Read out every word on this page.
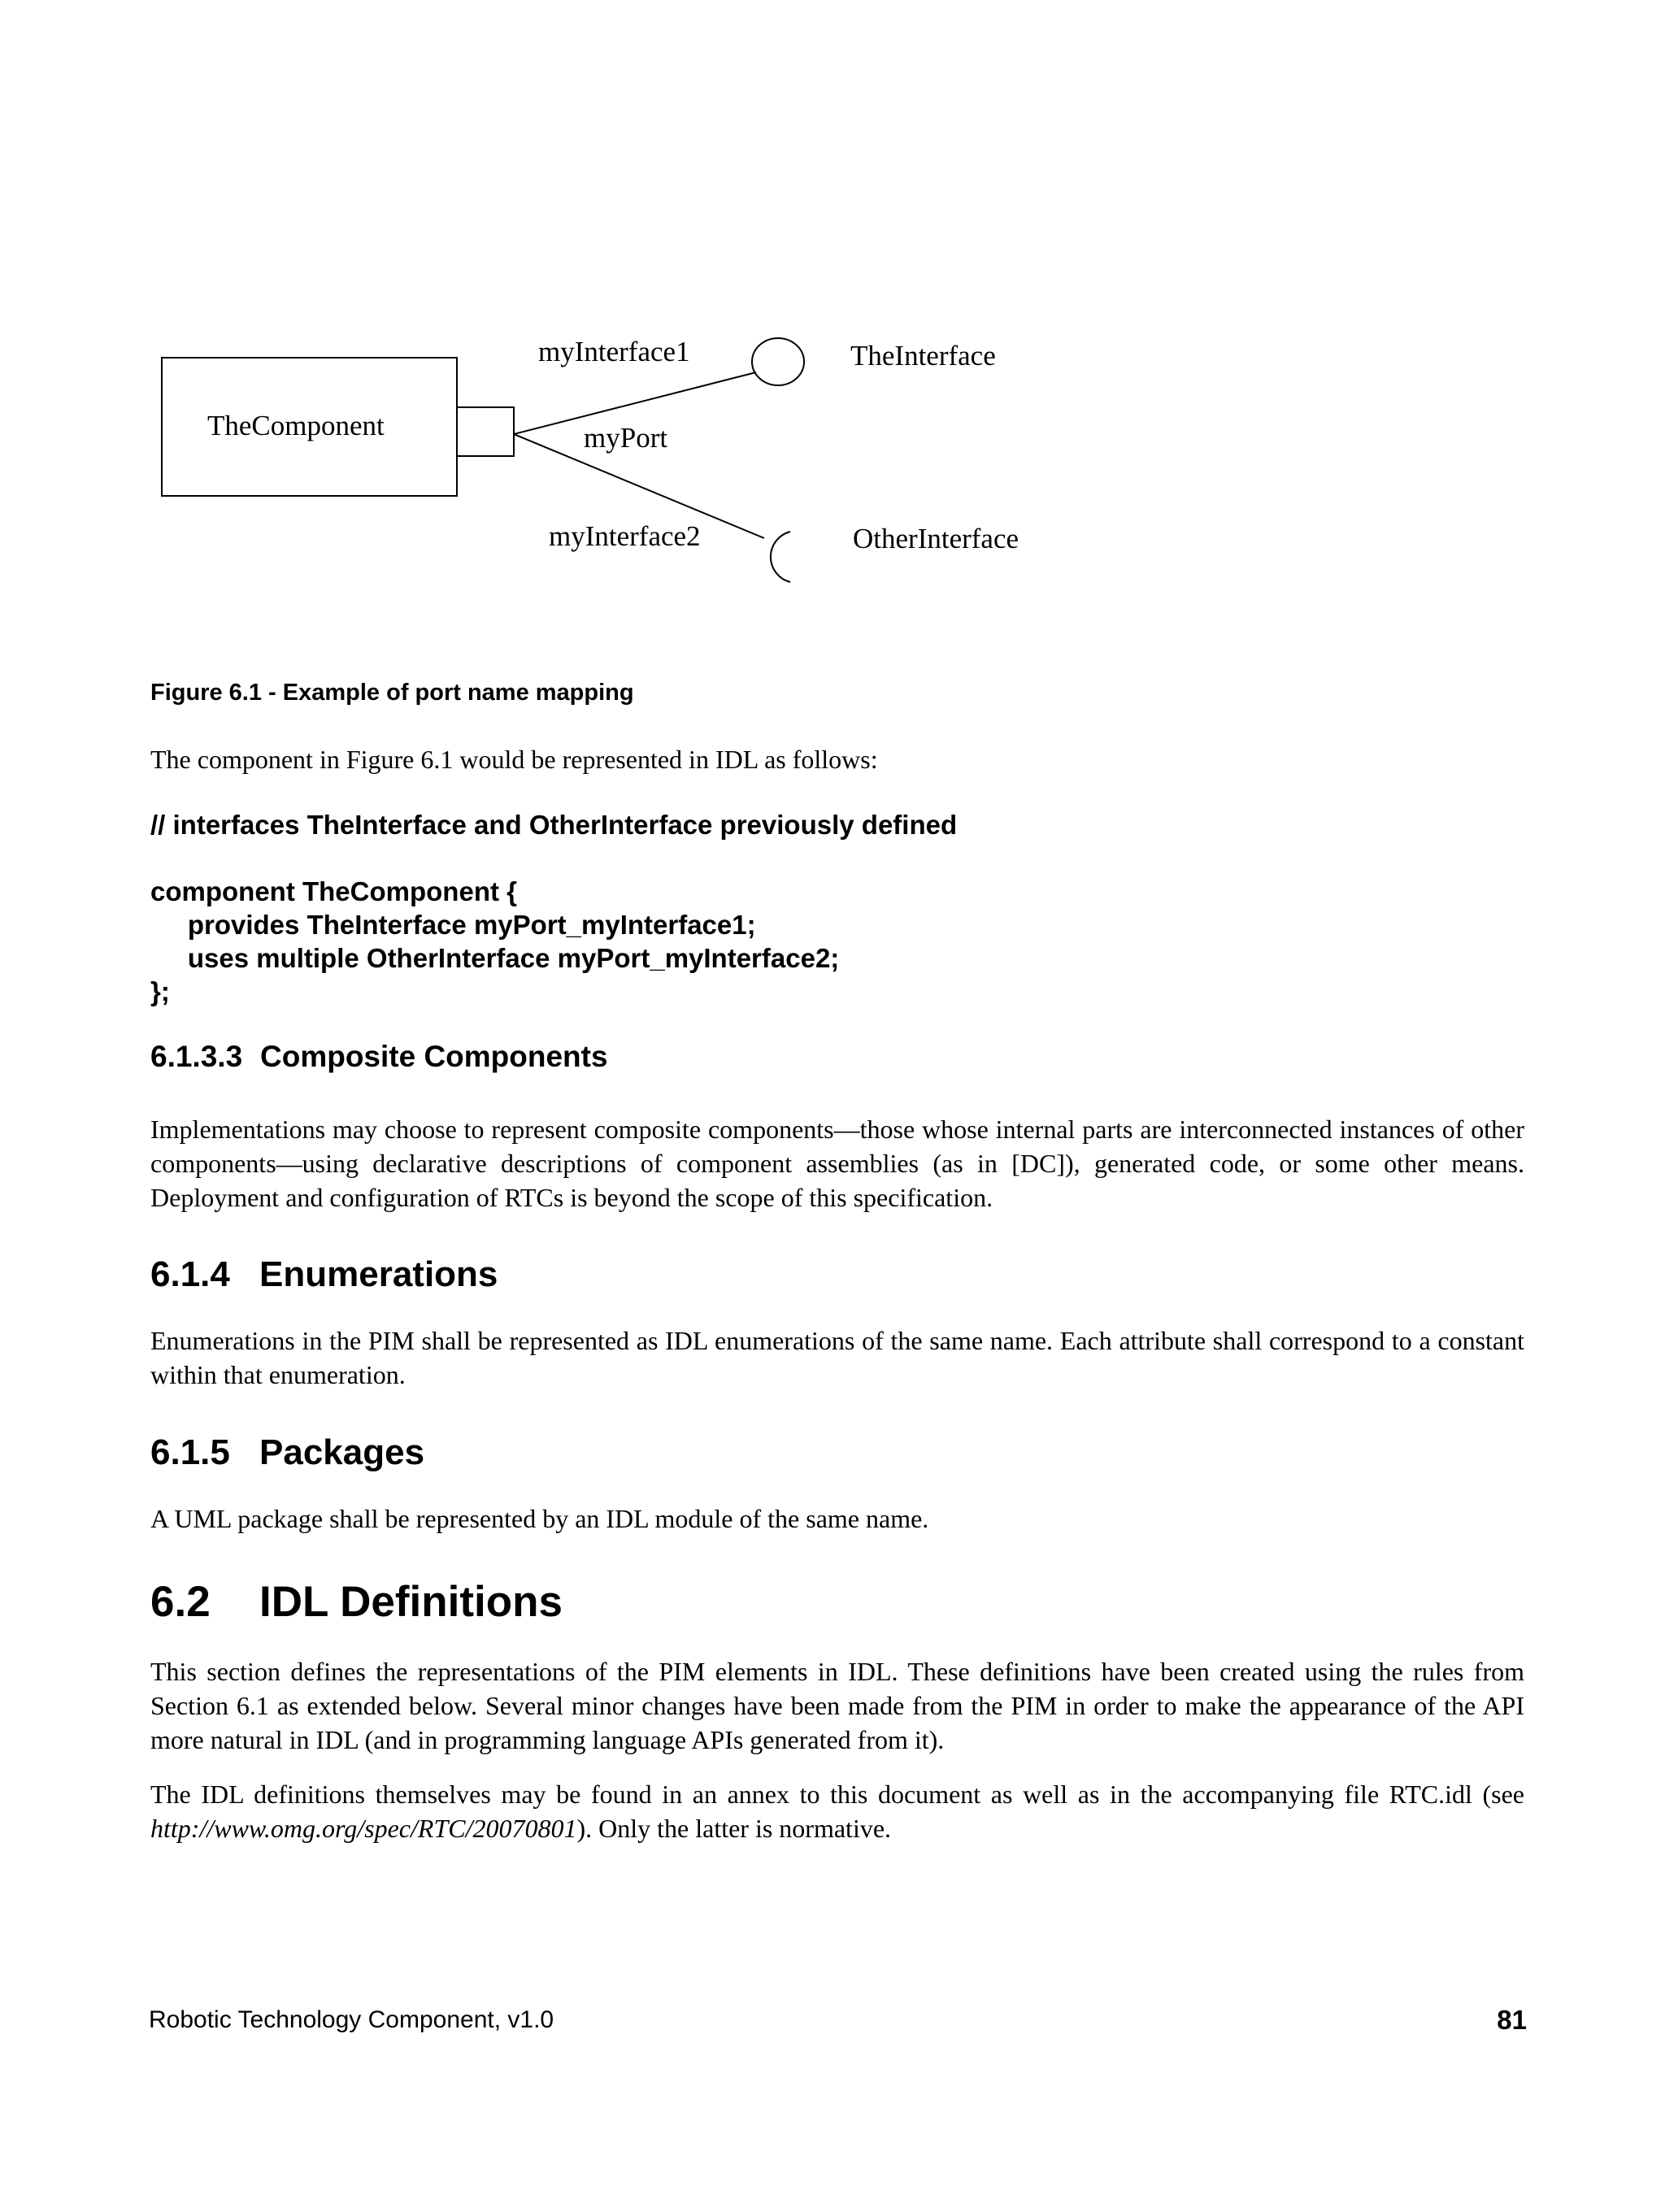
TheComponent
myInterface1
myPort
myInterface2
TheInterface
OtherInterface
Figure 6.1 - Example of port name mapping

The component in Figure 6.1 would be represented in IDL as follows:

// interfaces TheInterface and OtherInterface previously defined
component TheComponent {
provides TheInterface myPort_myInterface1;
uses multiple OtherInterface myPort_myInterface2;
};
6.1.3.3 Composite Components

Implementations may choose to represent composite components—those whose internal parts are interconnected instances of other components—using declarative descriptions of component assemblies (as in [DC]), generated code, or some other means. Deployment and configuration of RTCs is beyond the scope of this specification.

6.1.4 Enumerations

Enumerations in the PIM shall be represented as IDL enumerations of the same name. Each attribute shall correspond to a constant within that enumeration.

6.1.5 Packages

A UML package shall be represented by an IDL module of the same name.

6.2 IDL Definitions

This section defines the representations of the PIM elements in IDL. These definitions have been created using the rules from Section 6.1 as extended below. Several minor changes have been made from the PIM in order to make the appearance of the API more natural in IDL (and in programming language APIs generated from it).

The IDL definitions themselves may be found in an annex to this document as well as in the accompanying file RTC.idl (see http://www.omg.org/spec/RTC/20070801). Only the latter is normative.

Robotic Technology Component, v1.0	81
